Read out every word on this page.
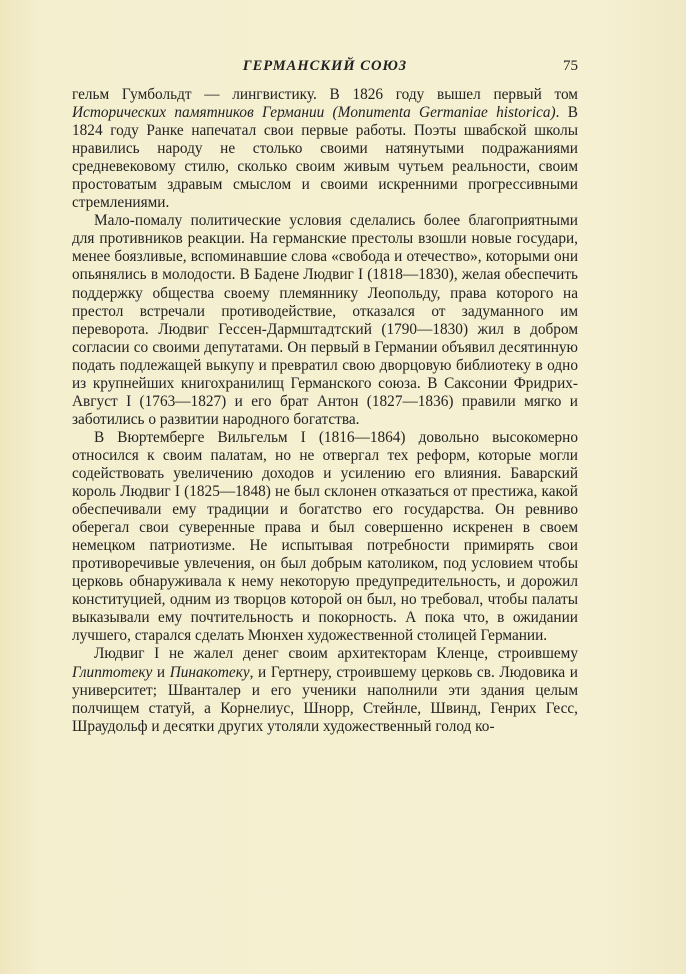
ГЕРМАНСКИЙ СОЮЗ	75

гельм Гумбольдт — лингвистику. В 1826 году вышел первый том Исторических памятников Германии (Monumenta Germaniae historica). В 1824 году Ранке напечатал свои первые работы. Поэты швабской школы нравились народу не столько своими натянутыми подражаниями средневековому стилю, сколько своим живым чутьем реальности, своим простоватым здравым смыслом и своими искренними прогрессивными стремлениями.

Мало-помалу политические условия сделались более благоприятными для противников реакции. На германские престолы взошли новые государи, менее боязливые, вспоминавшие слова «свобода и отечество», которыми они опьянялись в молодости. В Бадене Людвиг I (1818—1830), желая обеспечить поддержку общества своему племяннику Леопольду, права которого на престол встречали противодействие, отказался от задуманного им переворота. Людвиг Гессен-Дармштадтский (1790—1830) жил в добром согласии со своими депутатами. Он первый в Германии объявил десятинную подать подлежащей выкупу и превратил свою дворцовую библиотеку в одно из крупнейших книгохранилищ Германского союза. В Саксонии Фридрих-Август I (1763—1827) и его брат Антон (1827—1836) правили мягко и заботились о развитии народного богатства.

В Вюртемберге Вильгельм I (1816—1864) довольно высокомерно относился к своим палатам, но не отвергал тех реформ, которые могли содействовать увеличению доходов и усилению его влияния. Баварский король Людвиг I (1825—1848) не был склонен отказаться от престижа, какой обеспечивали ему традиции и богатство его государства. Он ревниво оберегал свои суверенные права и был совершенно искренен в своем немецком патриотизме. Не испытывая потребности примирять свои противоречивые увлечения, он был добрым католиком, под условием чтобы церковь обнаруживала к нему некоторую предупредительность, и дорожил конституцией, одним из творцов которой он был, но требовал, чтобы палаты выказывали ему почтительность и покорность. А пока что, в ожидании лучшего, старался сделать Мюнхен художественной столицей Германии.

Людвиг I не жалел денег своим архитекторам Кленце, строившему Глиптотеку и Пинакотеку, и Гертнеру, строившему церковь св. Людовика и университет; Швантaлер и его ученики наполнили эти здания целым полчищем статуй, а Корнелиус, Шнорр, Стейнле, Швинд, Генрих Гесс, Шраудольф и десятки других утоляли художественный голод ко-
